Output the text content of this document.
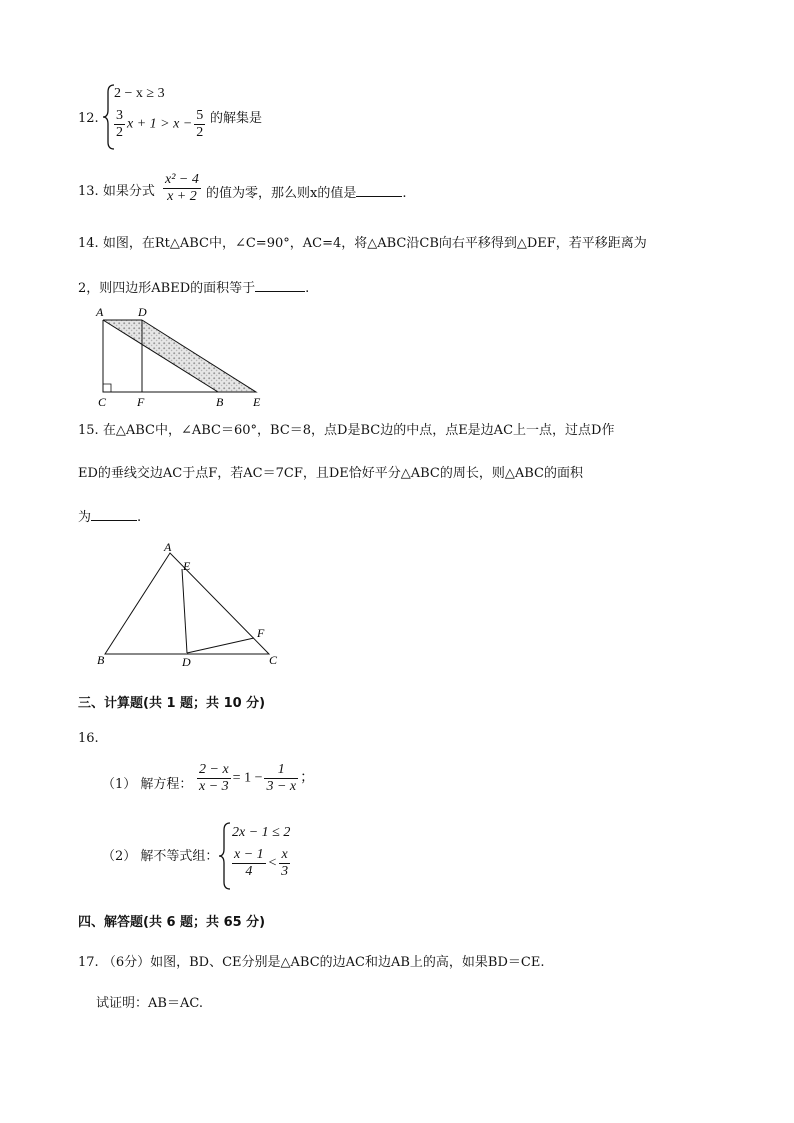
12.
2 − x ≥ 3
$\frac{3}{2}$ $x + 1 > x - \frac{5}{2}$ 的解集是
13. 如果分式 $\frac{\text{x² − 4}}{x + 2}$ 的值为零，那么则x的值是	.
14. 如图，在Rt△ABC中，∠C=90°，AC=4，将△ABC沿CB向右平移得到△DEF，若平移距离为
2，则四边形ABED的面积等于	.
A	D
C	F	B E
15. 在△ABC中，∠ABC＝60°，BC＝8，点D是BC边的中点，点E是边AC上一点，过点D作
ED的垂线交边AC于点F，若AC＝7CF，且DE恰好平分△ABC的周长，则△ABC的面积
为	.
A
E
F
B	D	C
三、计算题(共 1 题；共 10 分)
16.
（1） 解方程： $\frac{2 - x}{x - 3} = 1 - \frac{1}{3 - x}$ ；
（2） 解不等式组：
2x − 1 ≤ 2
$\frac{x - 1}{4} < \frac{x}{3}$
四、解答题(共 6 题；共 65 分)
17. （6分）如图，BD、CE分别是△ABC的边AC和边AB上的高，如果BD＝CE.
试证明：AB＝AC.
